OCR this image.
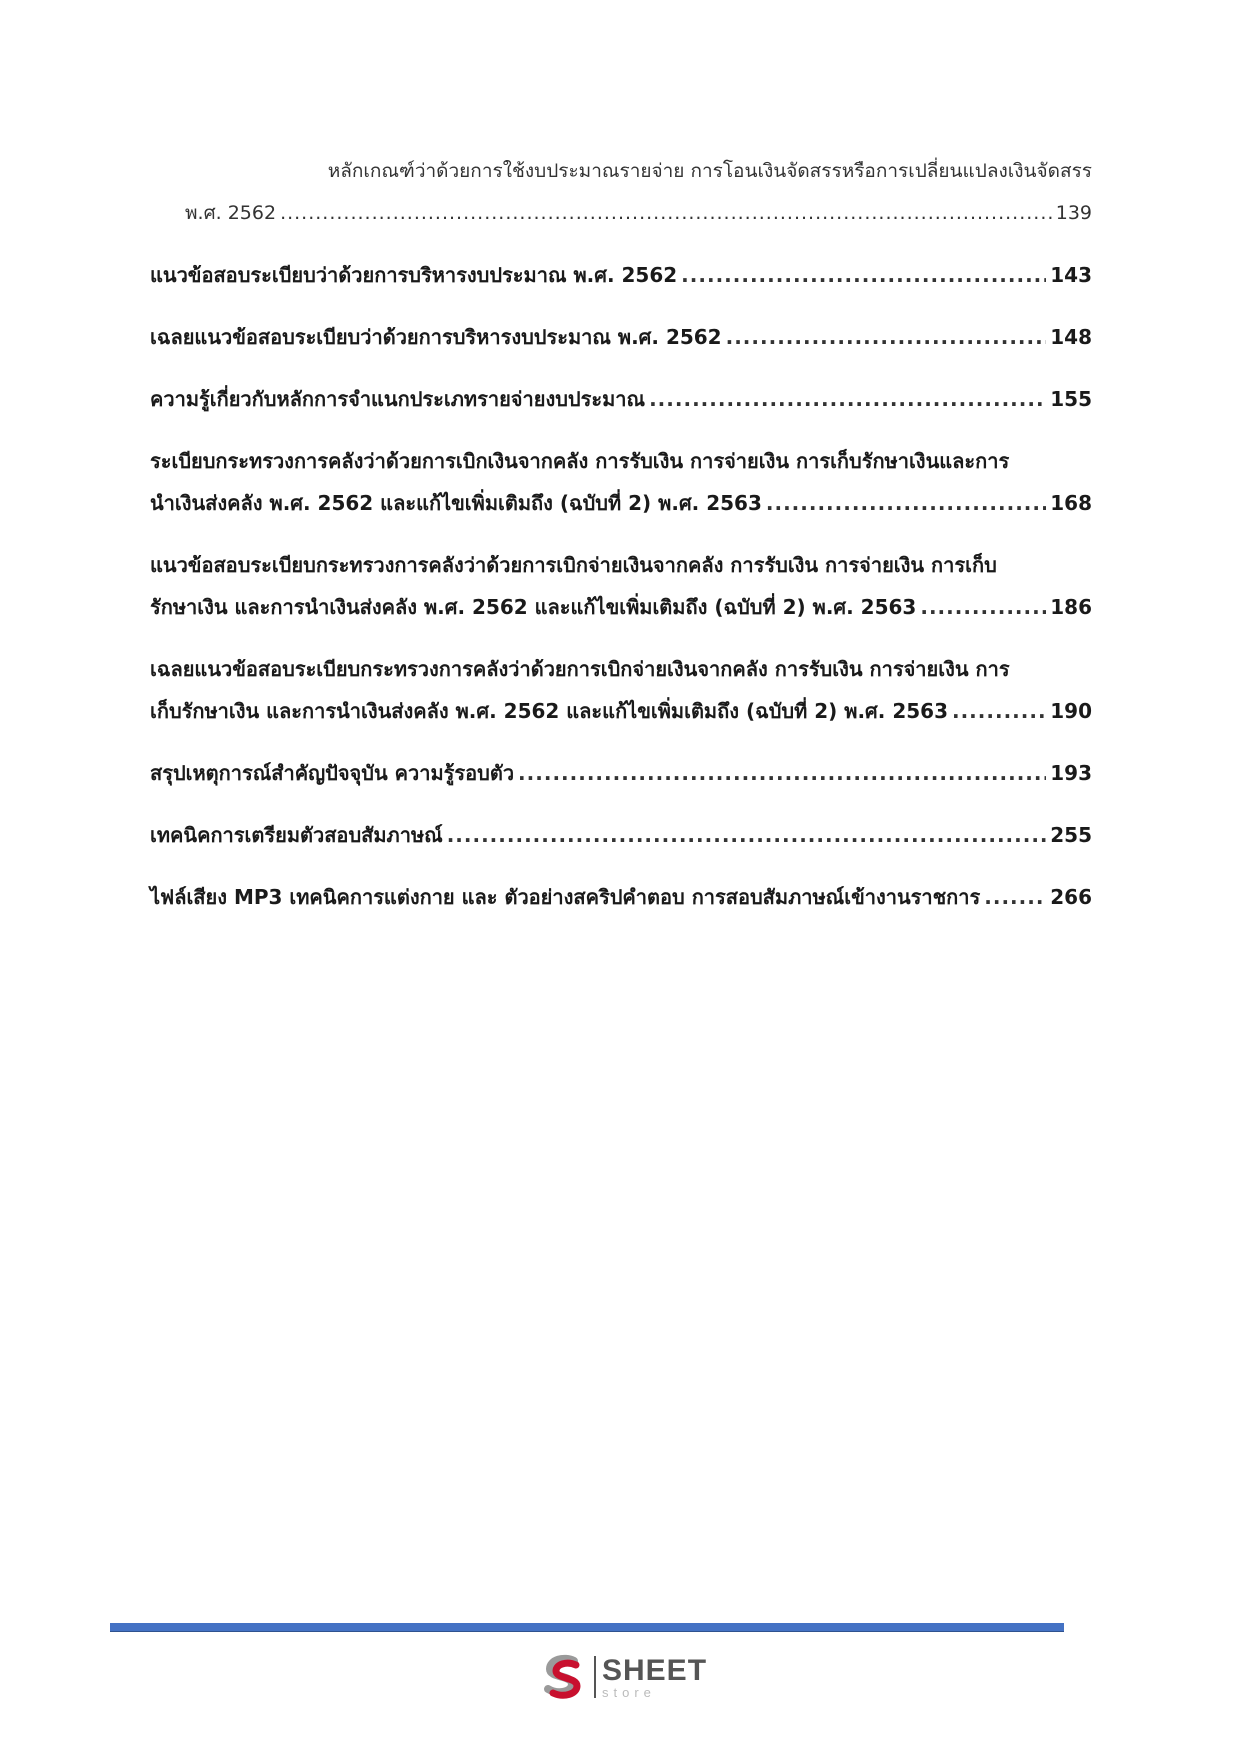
หลักเกณฑ์ว่าด้วยการใช้งบประมาณรายจ่าย การโอนเงินจัดสรรหรือการเปลี่ยนแปลงเงินจัดสรร
พ.ศ. 2562 .....	139
แนวข้อสอบระเบียบว่าด้วยการบริหารงบประมาณ พ.ศ. 2562 .....	143
เฉลยแนวข้อสอบระเบียบว่าด้วยการบริหารงบประมาณ พ.ศ. 2562 .....	148
ความรู้เกี่ยวกับหลักการจำแนกประเภทรายจ่ายงบประมาณ .....	155
ระเบียบกระทรวงการคลังว่าด้วยการเบิกเงินจากคลัง การรับเงิน การจ่ายเงิน การเก็บรักษาเงินและการ
นำเงินส่งคลัง พ.ศ. 2562 และแก้ไขเพิ่มเติมถึง (ฉบับที่ 2) พ.ศ. 2563 .....	168
แนวข้อสอบระเบียบกระทรวงการคลังว่าด้วยการเบิกจ่ายเงินจากคลัง การรับเงิน การจ่ายเงิน การเก็บ
รักษาเงิน และการนำเงินส่งคลัง พ.ศ. 2562 และแก้ไขเพิ่มเติมถึง (ฉบับที่ 2) พ.ศ. 2563 .....	186
เฉลยแนวข้อสอบระเบียบกระทรวงการคลังว่าด้วยการเบิกจ่ายเงินจากคลัง การรับเงิน การจ่ายเงิน การ
เก็บรักษาเงิน และการนำเงินส่งคลัง พ.ศ. 2562 และแก้ไขเพิ่มเติมถึง (ฉบับที่ 2) พ.ศ. 2563 .....	190
สรุปเหตุการณ์สำคัญปัจจุบัน ความรู้รอบตัว .....	193
เทคนิคการเตรียมตัวสอบสัมภาษณ์ .....	255
ไฟล์เสียง MP3 เทคนิคการแต่งกาย และ ตัวอย่างสคริปคำตอบ การสอบสัมภาษณ์เข้างานราชการ .....	266
SHEET
store
